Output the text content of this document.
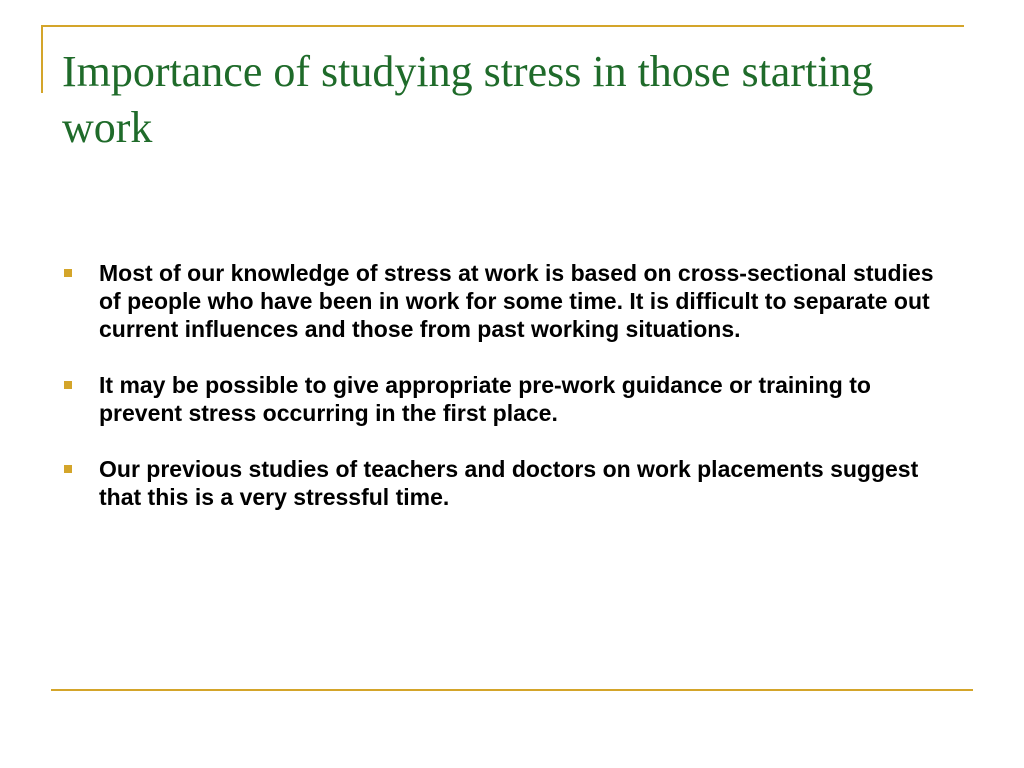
Importance of studying stress in those starting work
Most of our knowledge of stress at work is based on cross-sectional studies of people who have been in work for some time. It is difficult to separate out current influences and those from past working situations.
It may be possible to give appropriate pre-work guidance or training to prevent stress occurring in the first place.
Our previous studies of teachers and doctors on work placements suggest that this is a very stressful time.
